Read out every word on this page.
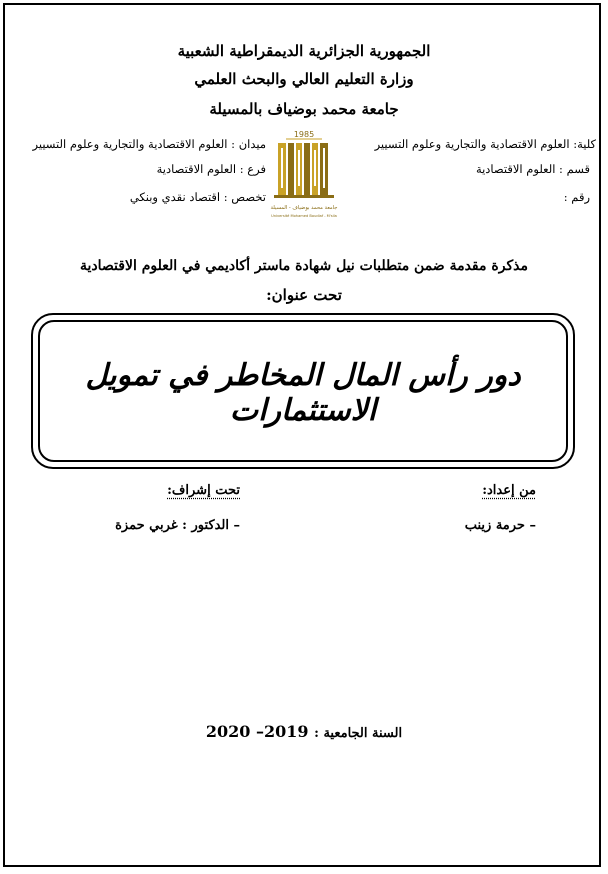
الجمهورية الجزائرية الديمقراطية الشعبية
وزارة التعليم العالي والبحث العلمي
جامعة محمد بوضياف بالمسيلة
كلية: العلوم الاقتصادية والتجارية وعلوم التسيير
قسم : العلوم الاقتصادية
رقم :
ميدان : العلوم الاقتصادية والتجارية وعلوم التسيير
فرع : العلوم الاقتصادية
تخصص : اقتصاد نقدي وبنكي
1985
جامعة محمد بوضياف - المسيلة
Université Mohamed Boudiaf - M'sila
مذكرة مقدمة ضمن متطلبات نيل شهادة ماستر أكاديمي في العلوم الاقتصادية
تحت عنوان:
دور رأس المال المخاطر في تمويل الاستثمارات
من إعداد:
– حرمة زينب
تحت إشراف:
– الدكتور : غربي حمزة
السنة الجامعية : 2019– 2020
